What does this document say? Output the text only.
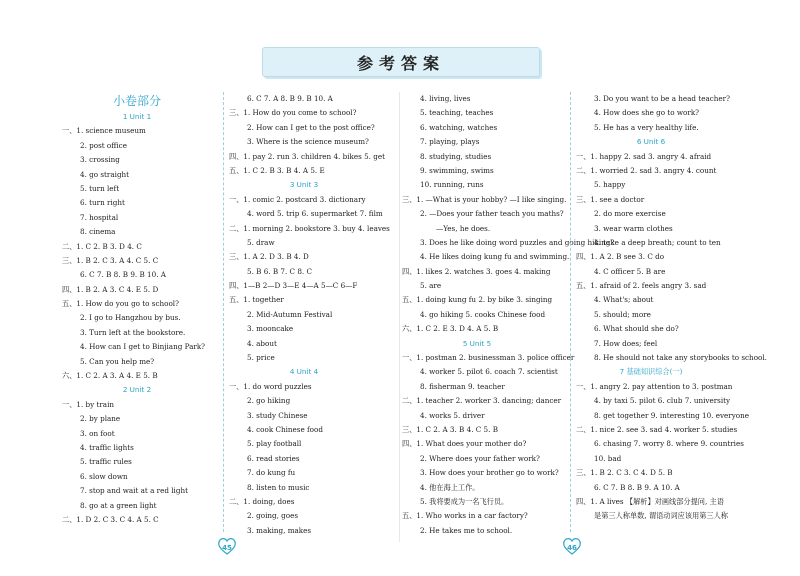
参考答案
小卷部分
1 Unit 1
一、1. science museum
2. post office
3. crossing
4. go straight
5. turn left
6. turn right
7. hospital
8. cinema
二、1. C 2. B 3. D 4. C
三、1. B 2. C 3. A 4. C 5. C
6. C 7. B 8. B 9. B 10. A
四、1. B 2. A 3. C 4. E 5. D
五、1. How do you go to school?
2. I go to Hangzhou by bus.
3. Turn left at the bookstore.
4. How can I get to Binjiang Park?
5. Can you help me?
六、1. C 2. A 3. A 4. E 5. B
2 Unit 2
一、1. by train
2. by plane
3. on foot
4. traffic lights
5. traffic rules
6. slow down
7. stop and wait at a red light
8. go at a green light
二、1. D 2. C 3. C 4. A 5. C
6. C 7. A 8. B 9. B 10. A
三、1. How do you come to school?
2. How can I get to the post office?
3. Where is the science museum?
四、1. pay 2. run 3. children 4. bikes 5. get
五、1. C 2. B 3. B 4. A 5. E
3 Unit 3
一、1. comic 2. postcard 3. dictionary
4. word 5. trip 6. supermarket 7. film
二、1. morning 2. bookstore 3. buy 4. leaves
5. draw
三、1. A 2. D 3. B 4. D
5. B 6. B 7. C 8. C
四、1—B 2—D 3—E 4—A 5—C 6—F
五、1. together
2. Mid-Autumn Festival
3. mooncake
4. about
5. price
4 Unit 4
一、1. do word puzzles
2. go hiking
3. study Chinese
4. cook Chinese food
5. play football
6. read stories
7. do kung fu
8. listen to music
二、1. doing, does
2. going, goes
3. making, makes
4. living, lives
5. teaching, teaches
6. watching, watches
7. playing, plays
8. studying, studies
9. swimming, swims
10. running, runs
三、1. —What is your hobby? —I like singing.
2. —Does your father teach you maths?
—Yes, he does.
3. Does he like doing word puzzles and going hiking?
4. He likes doing kung fu and swimming.
四、1. likes 2. watches 3. goes 4. making
5. are
五、1. doing kung fu 2. by bike 3. singing
4. go hiking 5. cooks Chinese food
六、1. C 2. E 3. D 4. A 5. B
5 Unit 5
一、1. postman 2. businessman 3. police officer
4. worker 5. pilot 6. coach 7. scientist
8. fisherman 9. teacher
二、1. teacher 2. worker 3. dancing; dancer
4. works 5. driver
三、1. C 2. A 3. B 4. C 5. B
四、1. What does your mother do?
2. Where does your father work?
3. How does your brother go to work?
4. 他在海上工作。
5. 我将要成为一名飞行员。
五、1. Who works in a car factory?
2. He takes me to school.
3. Do you want to be a head teacher?
4. How does she go to work?
5. He has a very healthy life.
6 Unit 6
一、1. happy 2. sad 3. angry 4. afraid
二、1. worried 2. sad 3. angry 4. count
5. happy
三、1. see a doctor
2. do more exercise
3. wear warm clothes
4. take a deep breath; count to ten
四、1. A 2. B see 3. C do
4. C officer 5. B are
五、1. afraid of 2. feels angry 3. sad
4. What's; about
5. should; more
6. What should she do?
7. How does; feel
8. He should not take any storybooks to school.
7 基础知识综合(一)
一、1. angry 2. pay attention to 3. postman
4. by taxi 5. pilot 6. club 7. university
8. get together 9. interesting 10. everyone
二、1. nice 2. see 3. sad 4. worker 5. studies
6. chasing 7. worry 8. where 9. countries
10. bad
三、1. B 2. C 3. C 4. D 5. B
6. C 7. B 8. B 9. A 10. A
四、1. A lives 【解析】对画线部分提问, 主语
是第三人称单数, 谓语动词应该用第三人称
45	46
